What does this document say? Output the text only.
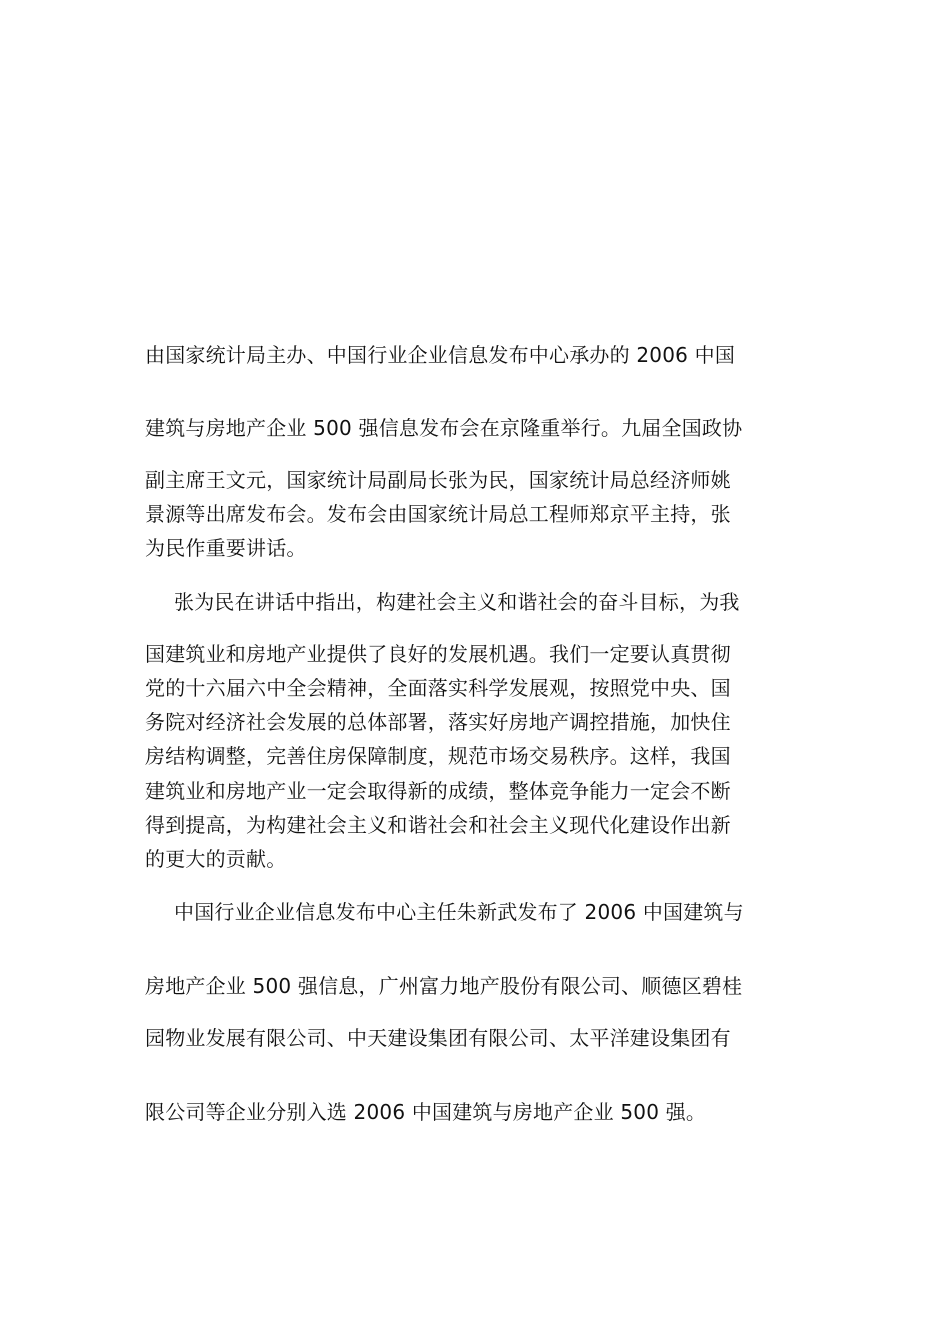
由国家统计局主办、中国行业企业信息发布中心承办的 2006 中国
建筑与房地产企业 500 强信息发布会在京隆重举行。九届全国政协
副主席王文元，国家统计局副局长张为民，国家统计局总经济师姚
景源等出席发布会。发布会由国家统计局总工程师郑京平主持，张
为民作重要讲话。
张为民在讲话中指出，构建社会主义和谐社会的奋斗目标，为我
国建筑业和房地产业提供了良好的发展机遇。我们一定要认真贯彻
党的十六届六中全会精神，全面落实科学发展观，按照党中央、国
务院对经济社会发展的总体部署，落实好房地产调控措施，加快住
房结构调整，完善住房保障制度，规范市场交易秩序。这样，我国
建筑业和房地产业一定会取得新的成绩，整体竞争能力一定会不断
得到提高，为构建社会主义和谐社会和社会主义现代化建设作出新
的更大的贡献。
中国行业企业信息发布中心主任朱新武发布了 2006 中国建筑与
房地产企业 500 强信息，广州富力地产股份有限公司、顺德区碧桂
园物业发展有限公司、中天建设集团有限公司、太平洋建设集团有
限公司等企业分别入选 2006 中国建筑与房地产企业 500 强。
